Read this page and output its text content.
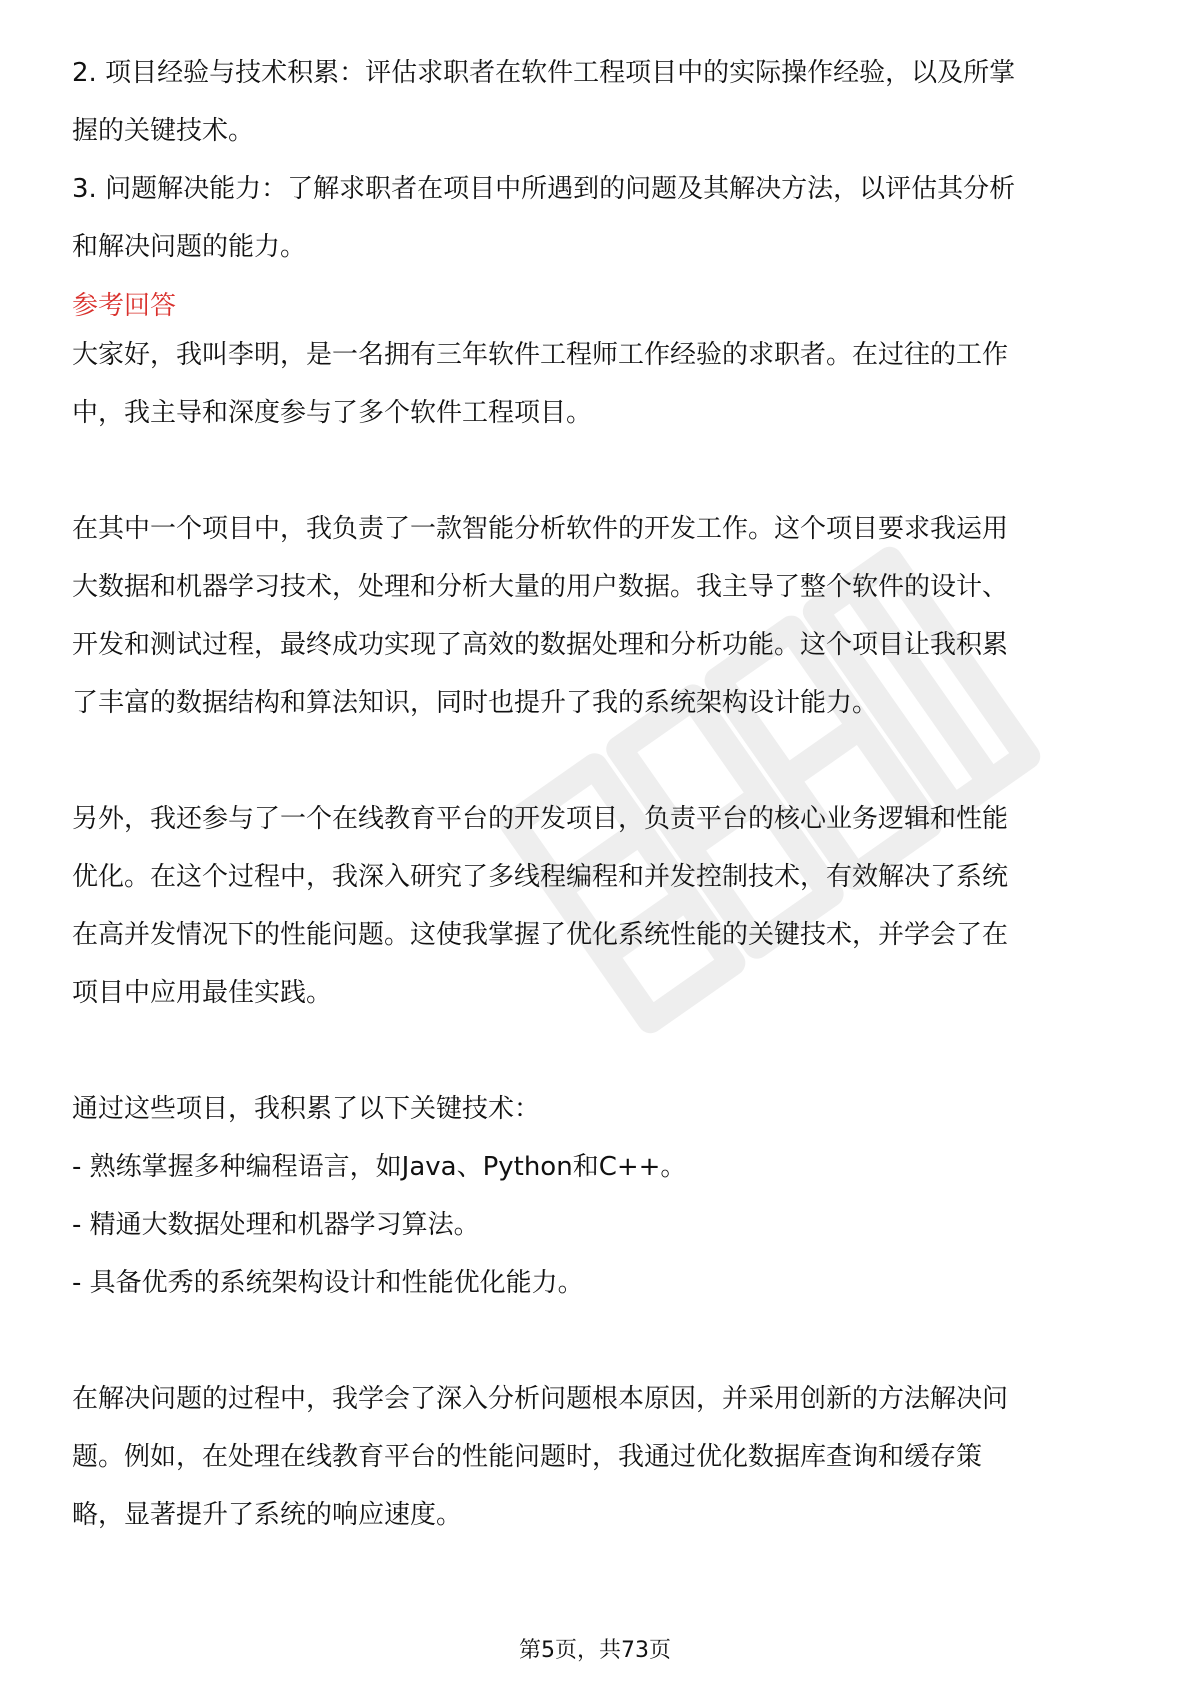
2. 项目经验与技术积累：评估求职者在软件工程项目中的实际操作经验，以及所掌

握的关键技术。

3. 问题解决能力：了解求职者在项目中所遇到的问题及其解决方法，以评估其分析

和解决问题的能力。

参考回答

大家好，我叫李明，是一名拥有三年软件工程师工作经验的求职者。在过往的工作

中，我主导和深度参与了多个软件工程项目。

在其中一个项目中，我负责了一款智能分析软件的开发工作。这个项目要求我运用

大数据和机器学习技术，处理和分析大量的用户数据。我主导了整个软件的设计、

开发和测试过程，最终成功实现了高效的数据处理和分析功能。这个项目让我积累

了丰富的数据结构和算法知识，同时也提升了我的系统架构设计能力。

另外，我还参与了一个在线教育平台的开发项目，负责平台的核心业务逻辑和性能

优化。在这个过程中，我深入研究了多线程编程和并发控制技术，有效解决了系统

在高并发情况下的性能问题。这使我掌握了优化系统性能的关键技术，并学会了在

项目中应用最佳实践。

通过这些项目，我积累了以下关键技术：

- 熟练掌握多种编程语言，如Java、Python和C++。

- 精通大数据处理和机器学习算法。

- 具备优秀的系统架构设计和性能优化能力。

在解决问题的过程中，我学会了深入分析问题根本原因，并采用创新的方法解决问

题。例如，在处理在线教育平台的性能问题时，我通过优化数据库查询和缓存策

略，显著提升了系统的响应速度。

第5页，共73页
